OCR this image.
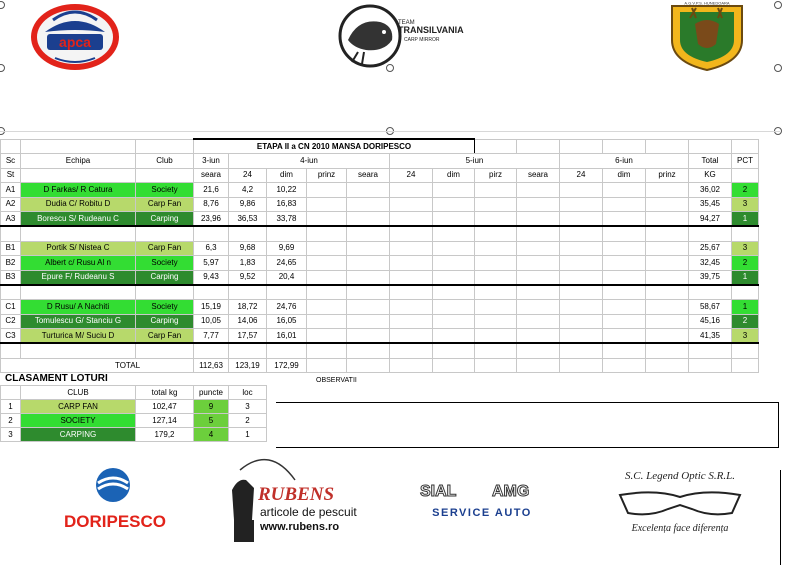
apca
TEAM
TRANSILVANIA
CARP MIRROR
A.G.V.P.S. HUNEDOARA
			ETAPA II a CN 2010 MANSA DORIPESCO													
Sc	Echipa	Club	3-iun	4-iun				5-iun				6-iun			Total	PCT
St			seara	24	dim	prinz	seara	24	dim	pirz	seara	24	dim	prinz	KG	
A1	D Farkas/ R Catura	Society	21,6	4,2	10,22										36,02	2
A2	Dudia C/ Robitu D	Carp Fan	8,76	9,86	16,83										35,45	3
A3	Borescu S/ Rudeanu C	Carping	23,96	36,53	33,78										94,27	1

B1	Portik S/ Nistea C	Carp Fan	6,3	9,68	9,69										25,67	3
B2	Albert c/ Rusu Al n	Society	5,97	1,83	24,65										32,45	2
B3	Epure F/ Rudeanu S	Carping	9,43	9,52	20,4										39,75	1

C1	D Rusu/ A Nachiti	Society	15,19	18,72	24,76										58,67	1
C2	Tomulescu G/ Stanciu G	Carping	10,05	14,06	16,05										45,16	2
C3	Turturica M/ Suciu D	Carp Fan	7,77	17,57	16,01										41,35	3

TOTAL			112,63	123,19	172,99											
CLASAMENT LOTURI	OBSERVATII

	CLUB	total kg	puncte	loc
1	CARP FAN	102,47	9	3
2	SOCIETY	127,14	5	2
3	CARPING	179,2	4	1
DORIPESCO
RUBENS
articole de pescuit
www.rubens.ro
SIAL AMG
SERVICE AUTO
S.C. Legend Optic S.R.L.
Excelența face diferența
